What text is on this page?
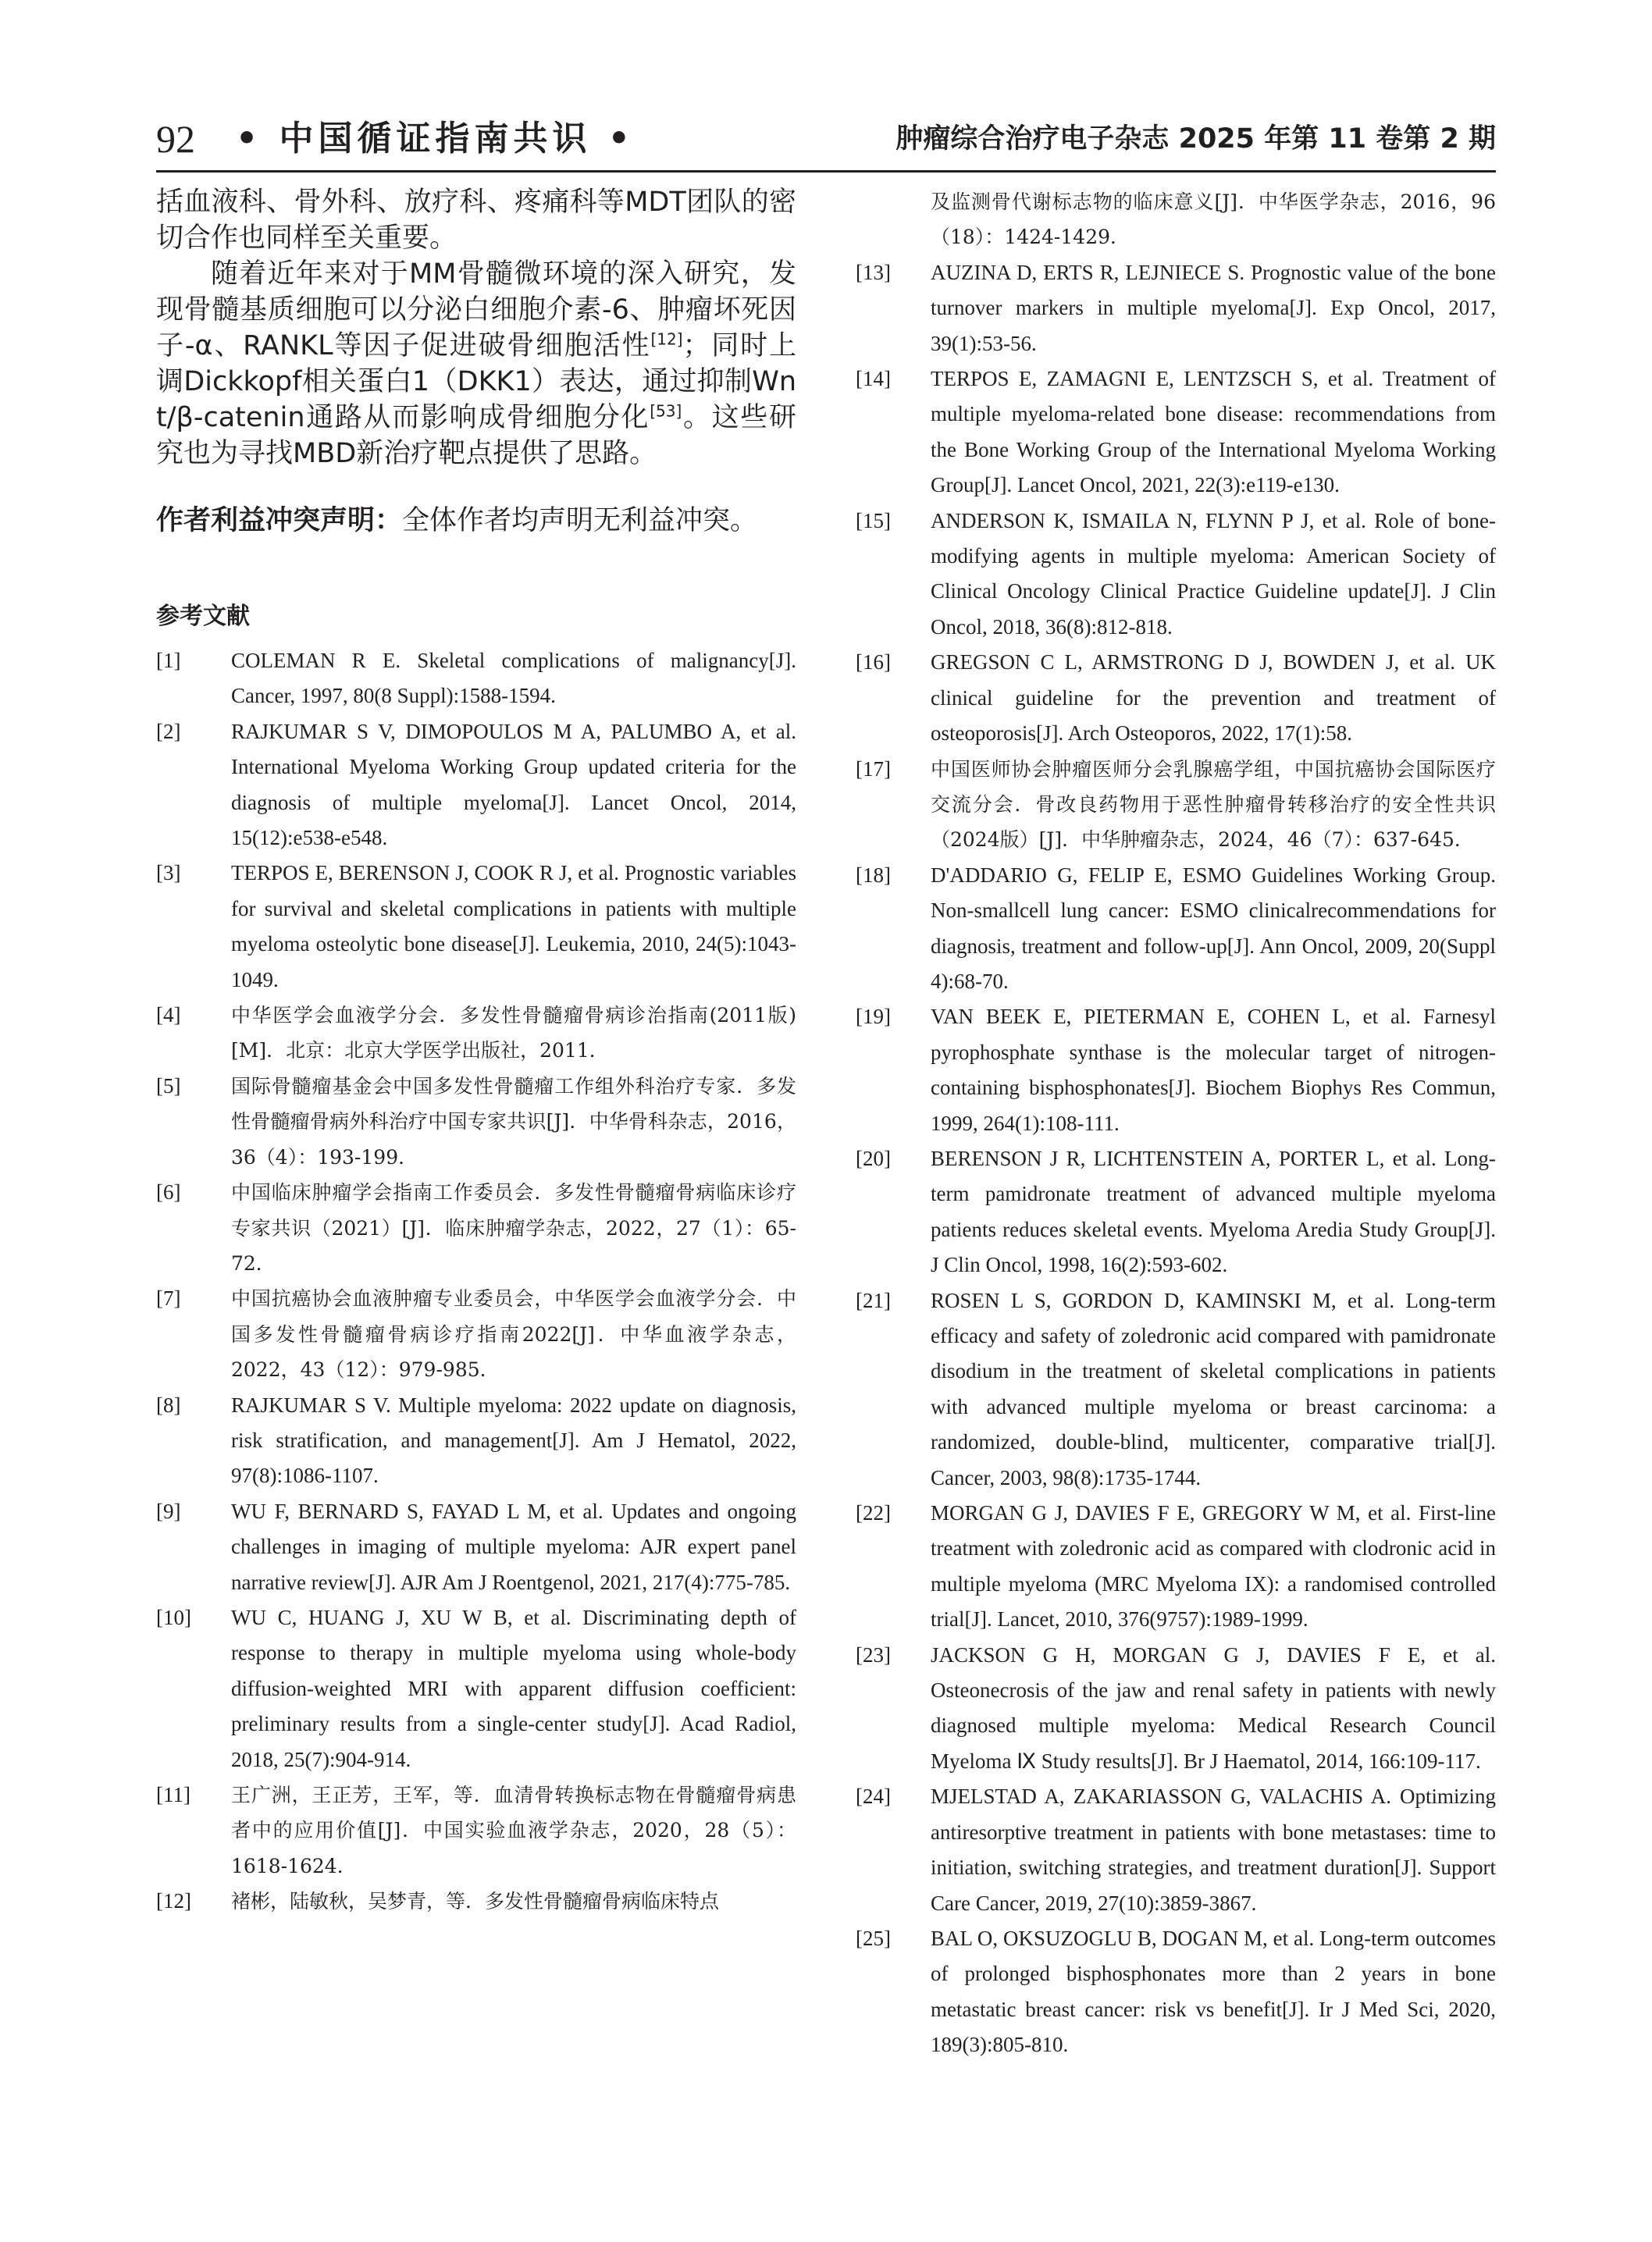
92 • 中国循证指南共识 •	肿瘤综合治疗电子杂志 2025 年第 11 卷第 2 期

括血液科、骨外科、放疗科、疼痛科等MDT团队的密切合作也同样至关重要。

随着近年来对于MM骨髓微环境的深入研究，发现骨髓基质细胞可以分泌白细胞介素-6、肿瘤坏死因子-α、RANKL等因子促进破骨细胞活性[12]；同时上调Dickkopf相关蛋白1（DKK1）表达，通过抑制Wnt/β-catenin通路从而影响成骨细胞分化[53]。这些研究也为寻找MBD新治疗靶点提供了思路。

作者利益冲突声明：全体作者均声明无利益冲突。
参考文献
[1]	COLEMAN R E. Skeletal complications of malignancy[J]. Cancer, 1997, 80(8 Suppl):1588-1594.
[2]	RAJKUMAR S V, DIMOPOULOS M A, PALUMBO A, et al. International Myeloma Working Group updated criteria for the diagnosis of multiple myeloma[J]. Lancet Oncol, 2014, 15(12):e538-e548.
[3]	TERPOS E, BERENSON J, COOK R J, et al. Prognostic variables for survival and skeletal complications in patients with multiple myeloma osteolytic bone disease[J]. Leukemia, 2010, 24(5):1043-1049.
[4]	中华医学会血液学分会．多发性骨髓瘤骨病诊治指南(2011版)[M]．北京：北京大学医学出版社，2011．
[5]	国际骨髓瘤基金会中国多发性骨髓瘤工作组外科治疗专家．多发性骨髓瘤骨病外科治疗中国专家共识[J]．中华骨科杂志，2016，36（4）：193-199．
[6]	中国临床肿瘤学会指南工作委员会．多发性骨髓瘤骨病临床诊疗专家共识（2021）[J]．临床肿瘤学杂志，2022，27（1）：65-72．
[7]	中国抗癌协会血液肿瘤专业委员会，中华医学会血液学分会．中国多发性骨髓瘤骨病诊疗指南2022[J]．中华血液学杂志，2022，43（12）：979-985．
[8]	RAJKUMAR S V. Multiple myeloma: 2022 update on diagnosis, risk stratification, and management[J]. Am J Hematol, 2022, 97(8):1086-1107.
[9]	WU F, BERNARD S, FAYAD L M, et al. Updates and ongoing challenges in imaging of multiple myeloma: AJR expert panel narrative review[J]. AJR Am J Roentgenol, 2021, 217(4):775-785.
[10]	WU C, HUANG J, XU W B, et al. Discriminating depth of response to therapy in multiple myeloma using whole-body diffusion-weighted MRI with apparent diffusion coefficient: preliminary results from a single-center study[J]. Acad Radiol, 2018, 25(7):904-914.
[11]	王广洲，王正芳，王军，等．血清骨转换标志物在骨髓瘤骨病患者中的应用价值[J]．中国实验血液学杂志，2020，28（5）：1618-1624．
[12]	褚彬，陆敏秋，吴梦青，等．多发性骨髓瘤骨病临床特点
及监测骨代谢标志物的临床意义[J]．中华医学杂志，2016，96（18）：1424-1429．
[13]	AUZINA D, ERTS R, LEJNIECE S. Prognostic value of the bone turnover markers in multiple myeloma[J]. Exp Oncol, 2017, 39(1):53-56.
[14]	TERPOS E, ZAMAGNI E, LENTZSCH S, et al. Treatment of multiple myeloma-related bone disease: recommendations from the Bone Working Group of the International Myeloma Working Group[J]. Lancet Oncol, 2021, 22(3):e119-e130.
[15]	ANDERSON K, ISMAILA N, FLYNN P J, et al. Role of bone-modifying agents in multiple myeloma: American Society of Clinical Oncology Clinical Practice Guideline update[J]. J Clin Oncol, 2018, 36(8):812-818.
[16]	GREGSON C L, ARMSTRONG D J, BOWDEN J, et al. UK clinical guideline for the prevention and treatment of osteoporosis[J]. Arch Osteoporos, 2022, 17(1):58.
[17]	中国医师协会肿瘤医师分会乳腺癌学组，中国抗癌协会国际医疗交流分会．骨改良药物用于恶性肿瘤骨转移治疗的安全性共识（2024版）[J]．中华肿瘤杂志，2024，46（7）：637-645．
[18]	D'ADDARIO G, FELIP E, ESMO Guidelines Working Group. Non-smallcell lung cancer: ESMO clinicalrecommendations for diagnosis, treatment and follow-up[J]. Ann Oncol, 2009, 20(Suppl 4):68-70.
[19]	VAN BEEK E, PIETERMAN E, COHEN L, et al. Farnesyl pyrophosphate synthase is the molecular target of nitrogen-containing bisphosphonates[J]. Biochem Biophys Res Commun, 1999, 264(1):108-111.
[20]	BERENSON J R, LICHTENSTEIN A, PORTER L, et al. Long-term pamidronate treatment of advanced multiple myeloma patients reduces skeletal events. Myeloma Aredia Study Group[J]. J Clin Oncol, 1998, 16(2):593-602.
[21]	ROSEN L S, GORDON D, KAMINSKI M, et al. Long-term efficacy and safety of zoledronic acid compared with pamidronate disodium in the treatment of skeletal complications in patients with advanced multiple myeloma or breast carcinoma: a randomized, double-blind, multicenter, comparative trial[J]. Cancer, 2003, 98(8):1735-1744.
[22]	MORGAN G J, DAVIES F E, GREGORY W M, et al. First-line treatment with zoledronic acid as compared with clodronic acid in multiple myeloma (MRC Myeloma IX): a randomised controlled trial[J]. Lancet, 2010, 376(9757):1989-1999.
[23]	JACKSON G H, MORGAN G J, DAVIES F E, et al. Osteonecrosis of the jaw and renal safety in patients with newly diagnosed multiple myeloma: Medical Research Council Myeloma Ⅸ Study results[J]. Br J Haematol, 2014, 166:109-117.
[24]	MJELSTAD A, ZAKARIASSON G, VALACHIS A. Optimizing antiresorptive treatment in patients with bone metastases: time to initiation, switching strategies, and treatment duration[J]. Support Care Cancer, 2019, 27(10):3859-3867.
[25]	BAL O, OKSUZOGLU B, DOGAN M, et al. Long-term outcomes of prolonged bisphosphonates more than 2 years in bone metastatic breast cancer: risk vs benefit[J]. Ir J Med Sci, 2020, 189(3):805-810.
